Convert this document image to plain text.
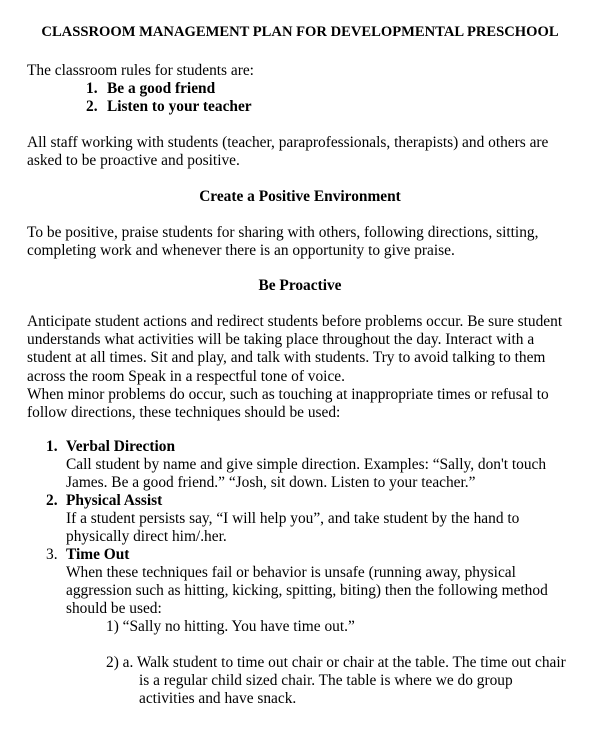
CLASSROOM MANAGEMENT PLAN FOR DEVELOPMENTAL PRESCHOOL
The classroom rules for students are:
1. Be a good friend
2. Listen to your teacher
All staff working with students (teacher, paraprofessionals, therapists) and others are
asked to be proactive and positive.
Create a Positive Environment
To be positive, praise students for sharing with others, following directions, sitting,
completing work and whenever there is an opportunity to give praise.
Be Proactive
Anticipate student actions and redirect students before problems occur. Be sure student
understands what activities will be taking place throughout the day. Interact with a
student at all times. Sit and play, and talk with students. Try to avoid talking to them
across the room Speak in a respectful tone of voice.
When minor problems do occur, such as touching at inappropriate times or refusal to
follow directions, these techniques should be used:
1. Verbal Direction
Call student by name and give simple direction. Examples: “Sally, don't touch
James. Be a good friend.” “Josh, sit down. Listen to your teacher.”
2. Physical Assist
If a student persists say, “I will help you”, and take student by the hand to
physically direct him/.her.
3. Time Out
When these techniques fail or behavior is unsafe (running away, physical
aggression such as hitting, kicking, spitting, biting) then the following method
should be used:
1) “Sally no hitting. You have time out.”
2) a. Walk student to time out chair or chair at the table. The time out chair
is a regular child sized chair. The table is where we do group
activities and have snack.
